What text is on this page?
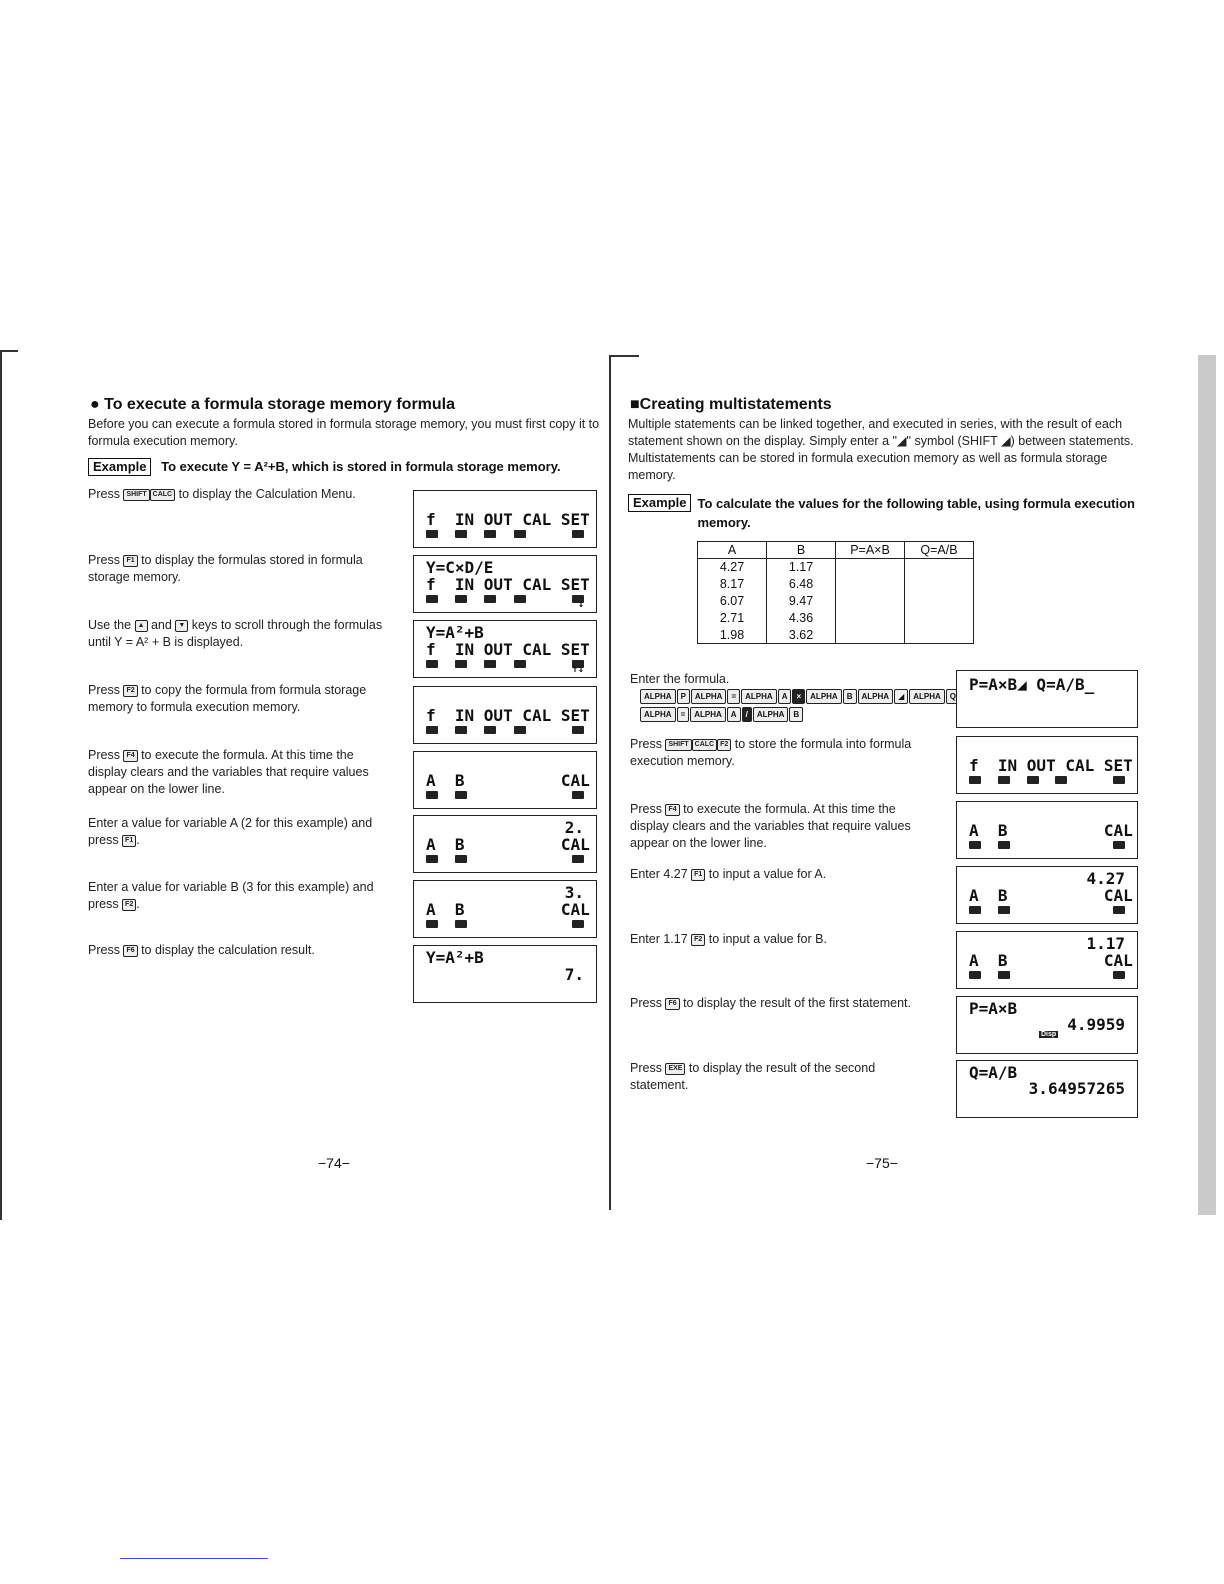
● To execute a formula storage memory formula
Before you can execute a formula stored in formula storage memory, you must first copy it to formula execution memory.
Example To execute Y = A²+B, which is stored in formula storage memory.
Press SHIFT CALC to display the Calculation Menu.
Press F1 to display the formulas stored in formula storage memory.
Use the ▲ and ▼ keys to scroll through the formulas until Y = A² + B is displayed.
Press F2 to copy the formula from formula storage memory to formula execution memory.
Press F4 to execute the formula. At this time the display clears and the variables that require values appear on the lower line.
Enter a value for variable A (2 for this example) and press F1 .
Enter a value for variable B (3 for this example) and press F2 .
Press F6 to display the calculation result.
f  IN OUT CAL SET
Y=C×D/E
f  IN OUT CAL SET
↓
Y=A²+B
f  IN OUT CAL SET
↑↓
f  IN OUT CAL SET
A  B          CAL
2.
A  B          CAL
3.
A  B          CAL
Y=A²+B
7.
−74−
■Creating multistatements
Multiple statements can be linked together, and executed in series, with the result of each statement shown on the display. Simply enter a "◢" symbol (SHIFT ◢) between statements. Multistatements can be stored in formula execution memory as well as formula storage memory.
Example To calculate the values for the following table, using formula execution memory.
A	B	P=A×B	Q=A/B
4.27	1.17		
8.17	6.48		
6.07	9.47		
2.71	4.36		
1.98	3.62		
Enter the formula.
ALPHA P ALPHA = ALPHA A × ALPHA B ALPHA ◢ ALPHA Q
ALPHA = ALPHA A / ALPHA B
Press SHIFT CALC F2 to store the formula into formula execution memory.
Press F4 to execute the formula. At this time the display clears and the variables that require values appear on the lower line.
Enter 4.27 F1 to input a value for A.
Enter 1.17 F2 to input a value for B.
Press F6 to display the result of the first statement.
Press EXE to display the result of the second statement.
P=A×B◢ Q=A/B_
f  IN OUT CAL SET
A  B          CAL
4.27
A  B          CAL
1.17
A  B          CAL
P=A×B
4.9959
Disp
Q=A/B
3.64957265
−75−
